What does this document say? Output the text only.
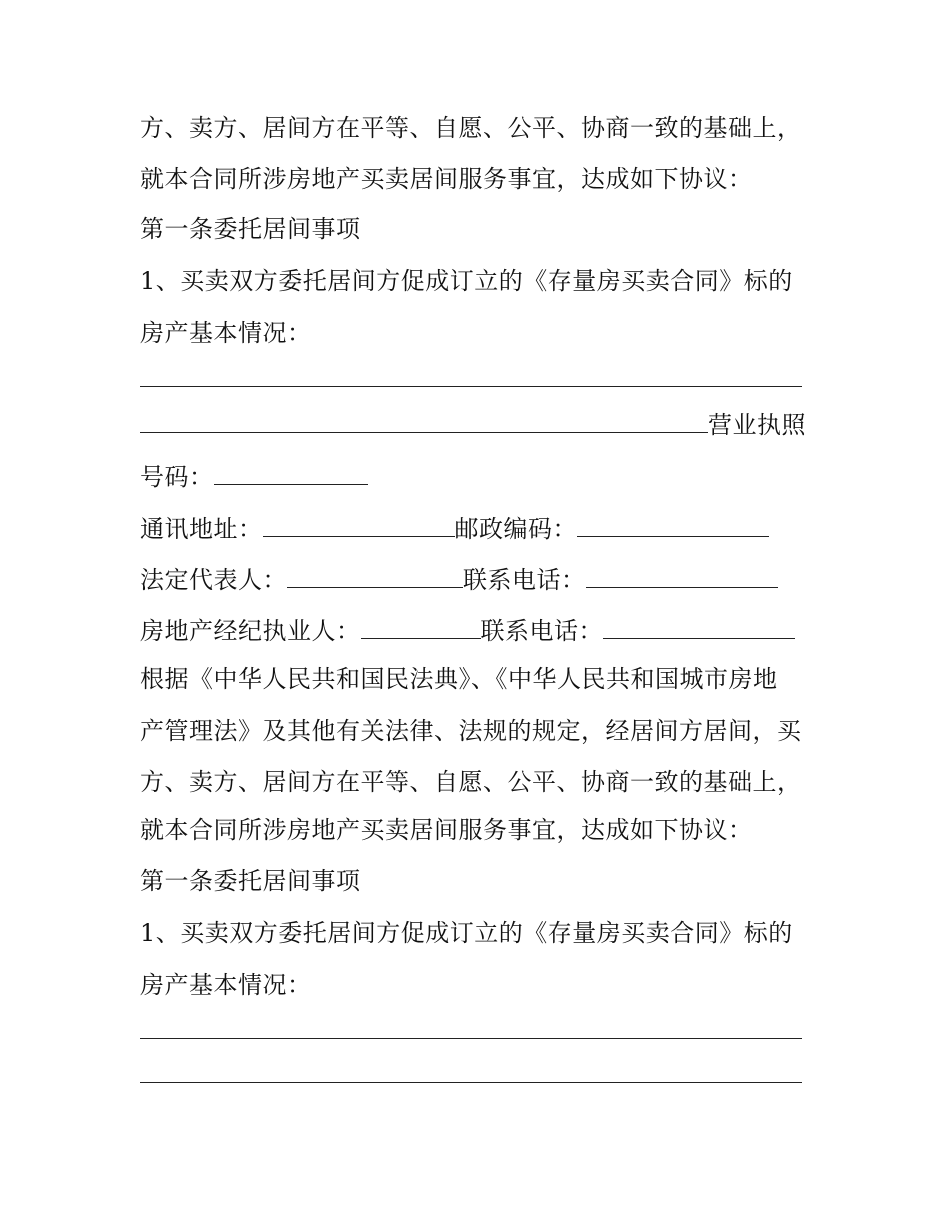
方、卖方、居间方在平等、自愿、公平、协商一致的基础上，
就本合同所涉房地产买卖居间服务事宜，达成如下协议：
第一条委托居间事项
1、买卖双方委托居间方促成订立的《存量房买卖合同》标的
房产基本情况：
营业执照
号码：
通讯地址：	邮政编码：
法定代表人：	联系电话：
房地产经纪执业人：	联系电话：
根据《中华人民共和国民法典》、《中华人民共和国城市房地
产管理法》及其他有关法律、法规的规定，经居间方居间，买
方、卖方、居间方在平等、自愿、公平、协商一致的基础上，
就本合同所涉房地产买卖居间服务事宜，达成如下协议：
第一条委托居间事项
1、买卖双方委托居间方促成订立的《存量房买卖合同》标的
房产基本情况：
